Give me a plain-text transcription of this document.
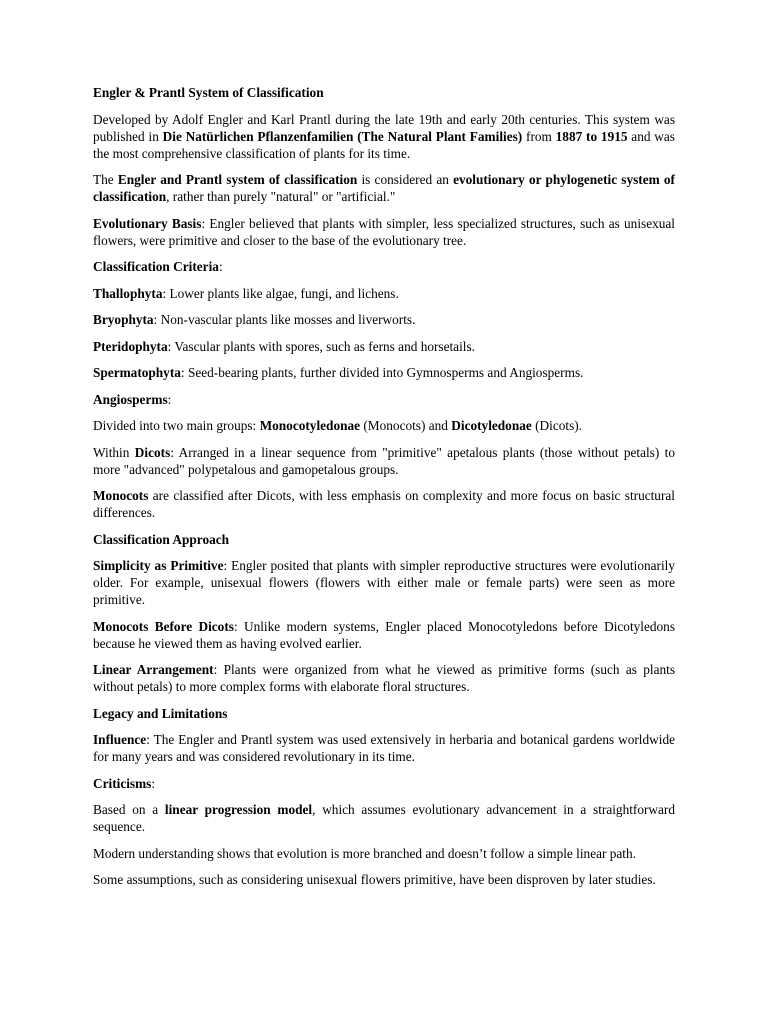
Engler & Prantl System of Classification

Developed by Adolf Engler and Karl Prantl during the late 19th and early 20th centuries. This system was published in Die Natürlichen Pflanzenfamilien (The Natural Plant Families) from 1887 to 1915 and was the most comprehensive classification of plants for its time.

The Engler and Prantl system of classification is considered an evolutionary or phylogenetic system of classification, rather than purely "natural" or "artificial."

Evolutionary Basis: Engler believed that plants with simpler, less specialized structures, such as unisexual flowers, were primitive and closer to the base of the evolutionary tree.

Classification Criteria:

Thallophyta: Lower plants like algae, fungi, and lichens.

Bryophyta: Non-vascular plants like mosses and liverworts.

Pteridophyta: Vascular plants with spores, such as ferns and horsetails.

Spermatophyta: Seed-bearing plants, further divided into Gymnosperms and Angiosperms.

Angiosperms:

Divided into two main groups: Monocotyledonae (Monocots) and Dicotyledonae (Dicots).

Within Dicots: Arranged in a linear sequence from "primitive" apetalous plants (those without petals) to more "advanced" polypetalous and gamopetalous groups.

Monocots are classified after Dicots, with less emphasis on complexity and more focus on basic structural differences.

Classification Approach

Simplicity as Primitive: Engler posited that plants with simpler reproductive structures were evolutionarily older. For example, unisexual flowers (flowers with either male or female parts) were seen as more primitive.

Monocots Before Dicots: Unlike modern systems, Engler placed Monocotyledons before Dicotyledons because he viewed them as having evolved earlier.

Linear Arrangement: Plants were organized from what he viewed as primitive forms (such as plants without petals) to more complex forms with elaborate floral structures.

Legacy and Limitations

Influence: The Engler and Prantl system was used extensively in herbaria and botanical gardens worldwide for many years and was considered revolutionary in its time.

Criticisms:

Based on a linear progression model, which assumes evolutionary advancement in a straightforward sequence.

Modern understanding shows that evolution is more branched and doesn’t follow a simple linear path.

Some assumptions, such as considering unisexual flowers primitive, have been disproven by later studies.
